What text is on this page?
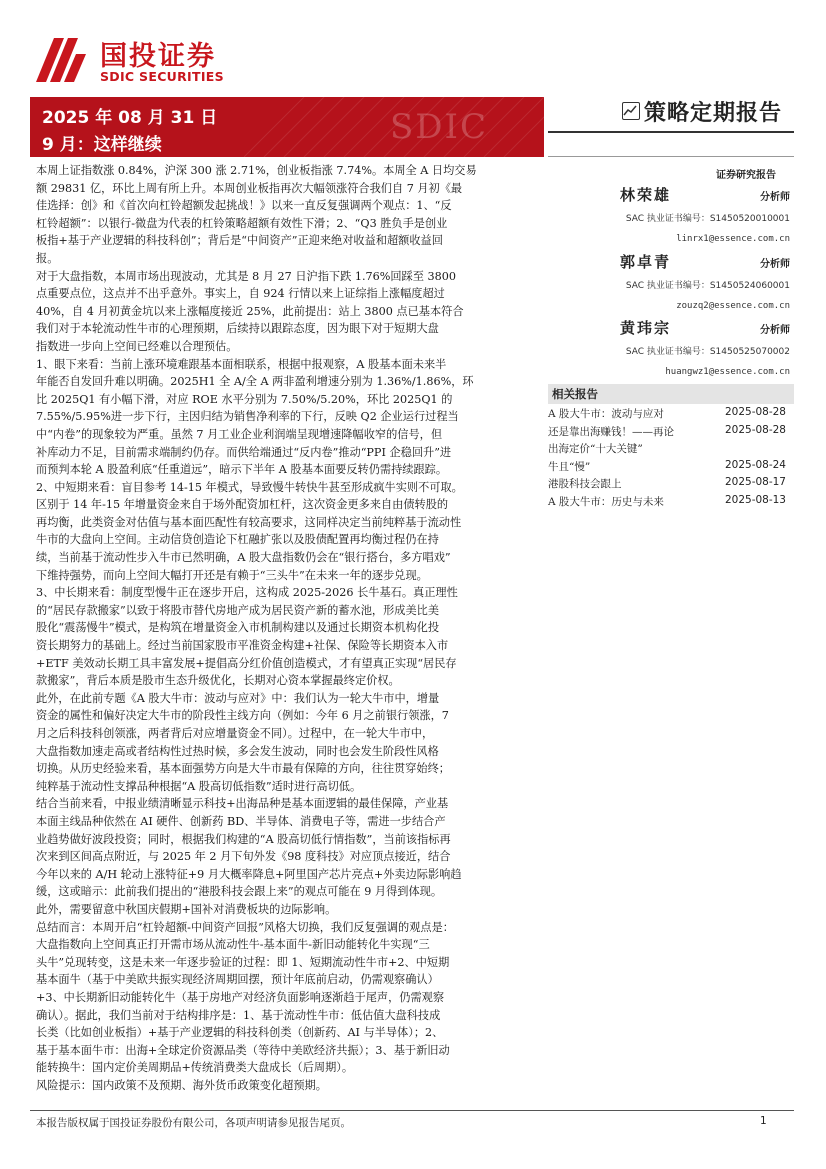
国投证券
SDIC SECURITIES
SDIC
2025 年 08 月 31 日
9 月：这样继续
策略定期报告
证券研究报告
林荣雄	分析师
SAC 执业证书编号：S1450520010001
linrx1@essence.com.cn
郭卓青	分析师
SAC 执业证书编号：S1450524060001
zouzq2@essence.com.cn
黄玮宗	分析师
SAC 执业证书编号：S1450525070002
huangwz1@essence.com.cn
相关报告
A 股大牛市：波动与应对	2025-08-28
还是靠出海赚钱！——再论	2025-08-28
出海定价“十大关键”
牛且“慢”	2025-08-24
港股科技会跟上	2025-08-17
A 股大牛市：历史与未来	2025-08-13
本周上证指数涨 0.84%，沪深 300 涨 2.71%，创业板指涨 7.74%。本周全 A 日均交易
额 29831 亿，环比上周有所上升。本周创业板指再次大幅领涨符合我们自 7 月初《最
佳选择：创》和《首次向杠铃超额发起挑战！》以来一直反复强调两个观点：1、“反
杠铃超额”：以银行-微盘为代表的杠铃策略超额有效性下滑；2、“Q3 胜负手是创业
板指+基于产业逻辑的科技科创”；背后是“中间资产”正迎来绝对收益和超额收益回
报。
对于大盘指数，本周市场出现波动，尤其是 8 月 27 日沪指下跌 1.76%回踩至 3800
点重要点位，这点并不出乎意外。事实上，自 924 行情以来上证综指上涨幅度超过
40%，自 4 月初黄金坑以来上涨幅度接近 25%，此前提出：站上 3800 点已基本符合
我们对于本轮流动性牛市的心理预期，后续持以跟踪态度，因为眼下对于短期大盘
指数进一步向上空间已经难以合理预估。
1、眼下来看：当前上涨环境难跟基本面相联系，根据中报观察，A 股基本面未来半
年能否自发回升难以明确。2025H1 全 A/全 A 两非盈利增速分别为 1.36%/1.86%，环
比 2025Q1 有小幅下滑，对应 ROE 水平分别为 7.50%/5.20%，环比 2025Q1 的
7.55%/5.95%进一步下行，主因归结为销售净利率的下行，反映 Q2 企业运行过程当
中“内卷”的现象较为严重。虽然 7 月工业企业利润端呈现增速降幅收窄的信号，但
补库动力不足，目前需求端制约仍存。而供给端通过“反内卷”推动“PPI 企稳回升”进
而预判本轮 A 股盈利底“任重道远”，暗示下半年 A 股基本面要反转仍需持续跟踪。
2、中短期来看：盲目参考 14-15 年模式，导致慢牛转快牛甚至形成疯牛实则不可取。
区别于 14 年-15 年增量资金来自于场外配资加杠杆，这次资金更多来自由债转股的
再均衡，此类资金对估值与基本面匹配性有较高要求，这同样决定当前纯粹基于流动性
牛市的大盘向上空间。主动信贷创造论下杠融扩张以及股债配置再均衡过程仍在持
续，当前基于流动性步入牛市已然明确，A 股大盘指数仍会在“银行搭台，多方唱戏”
下维持强势，而向上空间大幅打开还是有赖于“三头牛”在未来一年的逐步兑现。
3、中长期来看：制度型慢牛正在逐步开启，这构成 2025-2026 长牛基石。真正理性
的“居民存款搬家”以致于将股市替代房地产成为居民资产新的蓄水池，形成美比美
股化“震荡慢牛”模式，是构筑在增量资金入市机制构建以及通过长期资本机构化投
资长期努力的基础上。经过当前国家股市平准资金构建+社保、保险等长期资本入市
+ETF 美效动长期工具丰富发展+提倡高分红价值创造模式，才有望真正实现“居民存
款搬家”，背后本质是股市生态升级优化，长期对心资本掌握最终定价权。
此外，在此前专题《A 股大牛市：波动与应对》中：我们认为一轮大牛市中，增量
资金的属性和偏好决定大牛市的阶段性主线方向（例如：今年 6 月之前银行领涨，7
月之后科技科创领涨，两者背后对应增量资金不同）。过程中，在一轮大牛市中，
大盘指数加速走高或者结构性过热时候，多会发生波动，同时也会发生阶段性风格
切换。从历史经验来看，基本面强势方向是大牛市最有保障的方向，往往贯穿始终；
纯粹基于流动性支撑品种根据“A 股高切低指数”适时进行高切低。
结合当前来看，中报业绩清晰显示科技+出海品种是基本面逻辑的最佳保障，产业基
本面主线品种依然在 AI 硬件、创新药 BD、半导体、消费电子等，需进一步结合产
业趋势做好波段投资；同时，根据我们构建的“A 股高切低行情指数”，当前该指标再
次来到区间高点附近，与 2025 年 2 月下旬外发《98 度科技》对应顶点接近，结合
今年以来的 A/H 轮动上涨特征+9 月大概率降息+阿里国产芯片亮点+外卖边际影响趋
缓，这或暗示：此前我们提出的“港股科技会跟上来”的观点可能在 9 月得到体现。
此外，需要留意中秋国庆假期+国补对消费板块的边际影响。
总结而言：本周开启“杠铃超额-中间资产回报”风格大切换，我们反复强调的观点是：
大盘指数向上空间真正打开需市场从流动性牛-基本面牛-新旧动能转化牛实现“三
头牛”兑现转变，这是未来一年逐步验证的过程：即 1、短期流动性牛市+2、中短期
基本面牛（基于中美欧共振实现经济周期回摆，预计年底前启动，仍需观察确认）
+3、中长期新旧动能转化牛（基于房地产对经济负面影响逐渐趋于尾声，仍需观察
确认）。据此，我们当前对于结构排序是：1、基于流动性牛市：低估值大盘科技成
长类（比如创业板指）+基于产业逻辑的科技科创类（创新药、AI 与半导体）；2、
基于基本面牛市：出海+全球定价资源品类（等待中美欧经济共振）；3、基于新旧动
能转换牛：国内定价美周期品+传统消费类大盘成长（后周期）。
风险提示：国内政策不及预期、海外货币政策变化超预期。
本报告版权属于国投证券股份有限公司，各项声明请参见报告尾页。	1
